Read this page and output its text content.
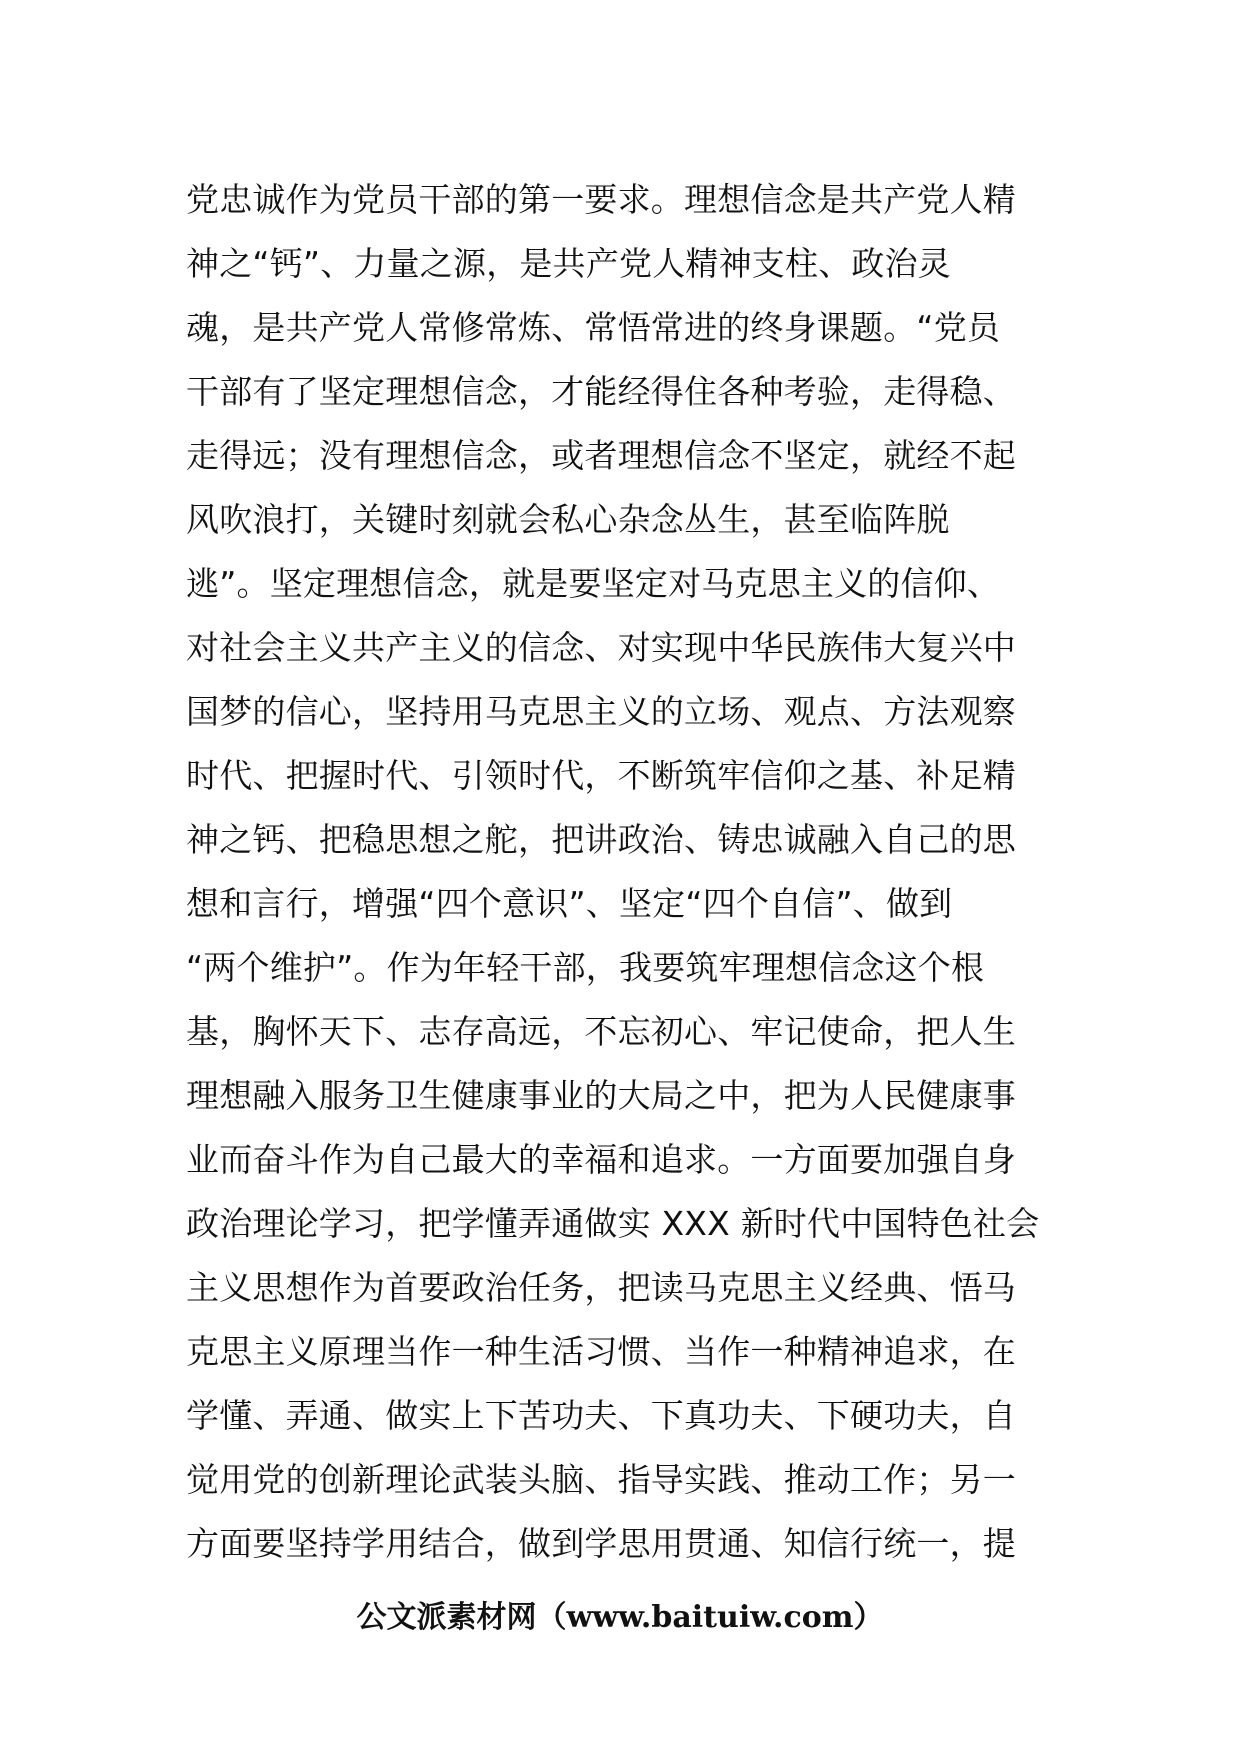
党忠诚作为党员干部的第一要求。理想信念是共产党人精
神之“钙”、力量之源，是共产党人精神支柱、政治灵
魂，是共产党人常修常炼、常悟常进的终身课题。“党员
干部有了坚定理想信念，才能经得住各种考验，走得稳、
走得远；没有理想信念，或者理想信念不坚定，就经不起
风吹浪打，关键时刻就会私心杂念丛生，甚至临阵脱
逃”。坚定理想信念，就是要坚定对马克思主义的信仰、
对社会主义共产主义的信念、对实现中华民族伟大复兴中
国梦的信心，坚持用马克思主义的立场、观点、方法观察
时代、把握时代、引领时代，不断筑牢信仰之基、补足精
神之钙、把稳思想之舵，把讲政治、铸忠诚融入自己的思
想和言行，增强“四个意识”、坚定“四个自信”、做到
“两个维护”。作为年轻干部，我要筑牢理想信念这个根
基，胸怀天下、志存高远，不忘初心、牢记使命，把人生
理想融入服务卫生健康事业的大局之中，把为人民健康事
业而奋斗作为自己最大的幸福和追求。一方面要加强自身
政治理论学习，把学懂弄通做实 XXX 新时代中国特色社会
主义思想作为首要政治任务，把读马克思主义经典、悟马
克思主义原理当作一种生活习惯、当作一种精神追求，在
学懂、弄通、做实上下苦功夫、下真功夫、下硬功夫，自
觉用党的创新理论武装头脑、指导实践、推动工作；另一
方面要坚持学用结合，做到学思用贯通、知信行统一，提
公文派素材网（www.baituiw.com）
